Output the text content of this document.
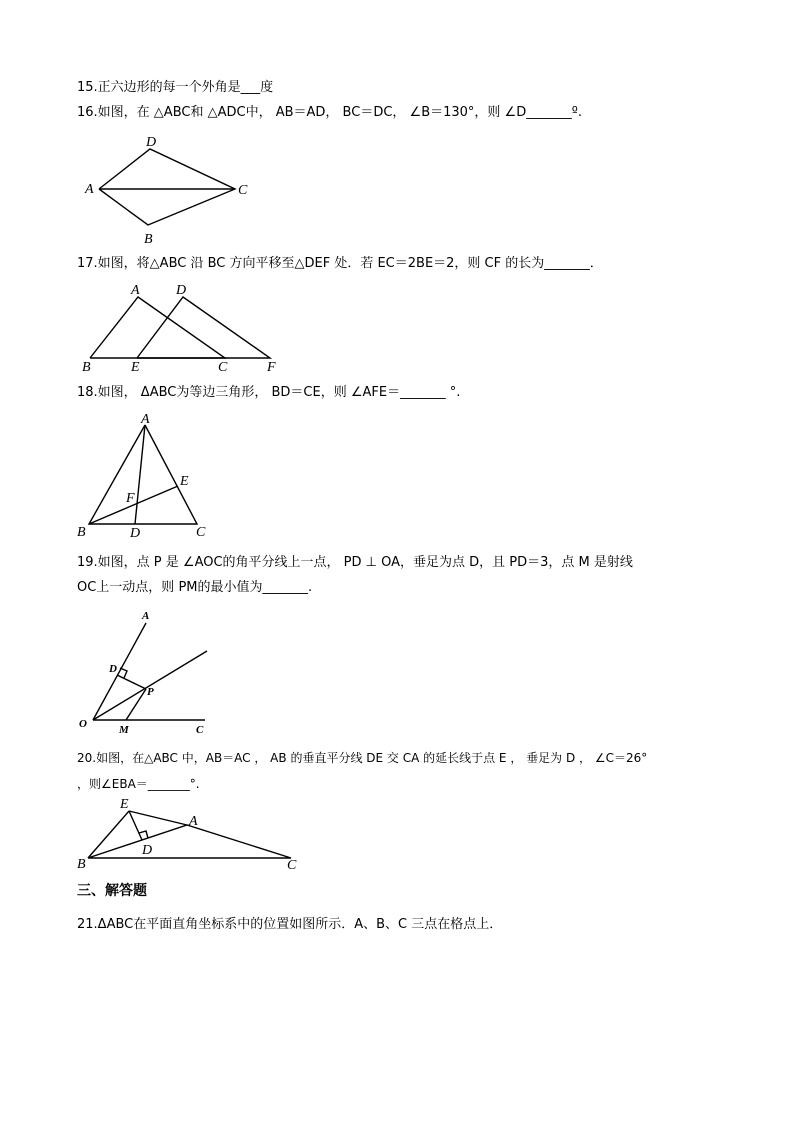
15.正六边形的每一个外角是___度
16.如图，在 △ABC和 △ADC中， AB＝AD， BC＝DC， ∠B＝130°，则 ∠D_______º.
D
A	C
B
17.如图，将△ABC 沿 BC 方向平移至△DEF 处．若 EC＝2BE＝2，则 CF 的长为_______．
A	D
B	E	C	F
18.如图， ΔABC为等边三角形， BD＝CE，则 ∠AFE＝_______ °.
A
E
F
B	D	C
19.如图，点 P 是 ∠AOC的角平分线上一点， PD ⊥ OA，垂足为点 D，且 PD＝3，点 M 是射线
OC上一动点，则 PM的最小值为_______.
A
D
P
O	M	C
20.如图，在△ABC 中，AB＝AC ， AB 的垂直平分线 DE 交 CA 的延长线于点 E ， 垂足为 D ， ∠C＝26°
，则∠EBA＝_______°.
E
A
D
B	C
三、解答题
21.ΔABC在平面直角坐标系中的位置如图所示．A、B、C 三点在格点上．
